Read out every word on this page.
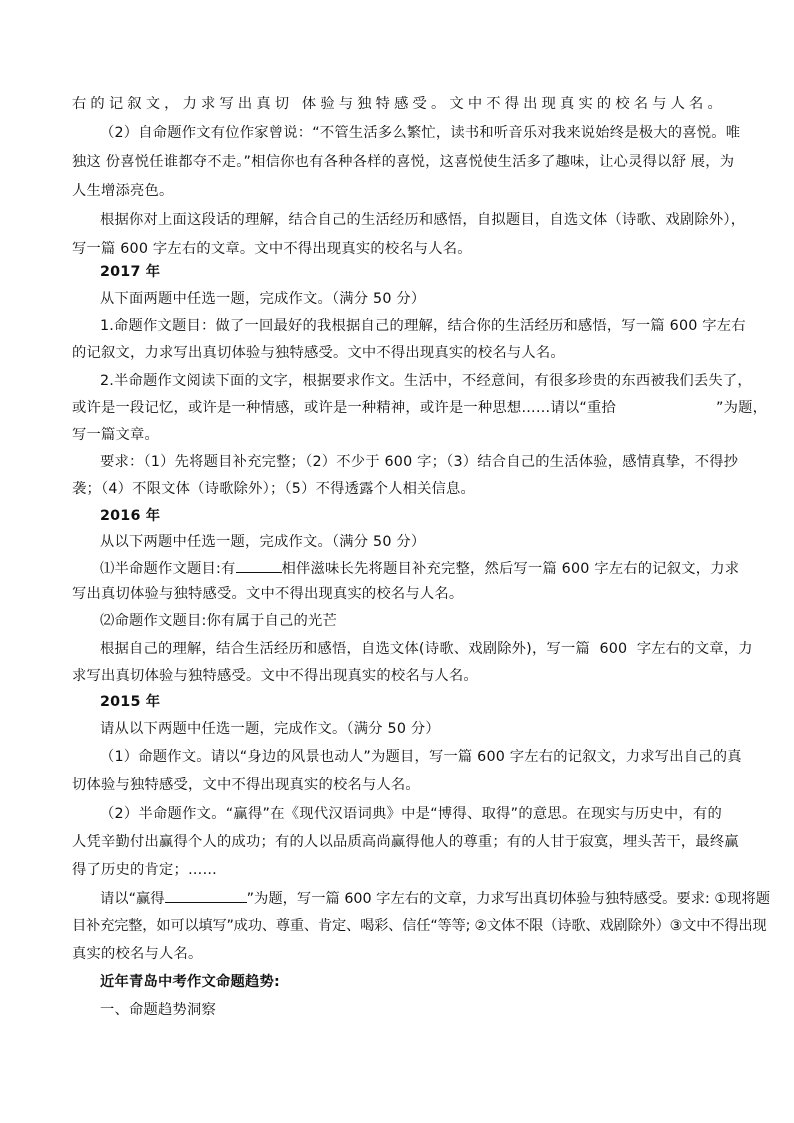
右的记叙文，力求写出真切 体验与独特感受。文中不得出现真实的校名与人名。
（2）自命题作文有位作家曾说：“不管生活多么繁忙，读书和听音乐对我来说始终是极大的喜悦。唯
独这 份喜悦任谁都夺不走。”相信你也有各种各样的喜悦，这喜悦使生活多了趣味，让心灵得以舒 展，为
人生增添亮色。
根据你对上面这段话的理解，结合自己的生活经历和感悟，自拟题目，自选文体（诗歌、戏剧除外），
写一篇 600 字左右的文章。文中不得出现真实的校名与人名。
2017 年
从下面两题中任选一题，完成作文。（满分 50 分）
1.命题作文题目：做了一回最好的我根据自己的理解，结合你的生活经历和感悟，写一篇 600 字左右
的记叙文，力求写出真切体验与独特感受。文中不得出现真实的校名与人名。
2.半命题作文阅读下面的文字，根据要求作文。生活中，不经意间，有很多珍贵的东西被我们丢失了，
或许是一段记忆，或许是一种情感，或许是一种精神，或许是一种思想……请以“重拾	”为题，
写一篇文章。
要求：（1）先将题目补充完整；（2）不少于 600 字；（3）结合自己的生活体验，感情真挚，不得抄
袭；（4）不限文体（诗歌除外）；（5）不得透露个人相关信息。
2016 年
从以下两题中任选一题，完成作文。（满分 50 分）
⑴半命题作文题目:有	相伴滋味长先将题目补充完整，然后写一篇 600 字左右的记叙文，力求
写出真切体验与独特感受。文中不得出现真实的校名与人名。
⑵命题作文题目:你有属于自己的光芒
根据自己的理解，结合生活经历和感悟，自选文体(诗歌、戏剧除外)，写一篇  600  字左右的文章，力
求写出真切体验与独特感受。文中不得出现真实的校名与人名。
2015 年
请从以下两题中任选一题，完成作文。（满分 50 分）
（1）命题作文。请以“身边的风景也动人”为题目，写一篇 600 字左右的记叙文，力求写出自己的真
切体验与独特感受，文中不得出现真实的校名与人名。
（2）半命题作文。“赢得”在《现代汉语词典》中是“博得、取得”的意思。在现实与历史中，有的
人凭辛勤付出赢得个人的成功；有的人以品质高尚赢得他人的尊重；有的人甘于寂寞，埋头苦干，最终赢
得了历史的肯定；……
请以“赢得	”为题，写一篇 600 字左右的文章，力求写出真切体验与独特感受。要求: ①现将题
目补充完整，如可以填写”成功、尊重、肯定、喝彩、信任“等等; ②文体不限（诗歌、戏剧除外）③文中不得出现
真实的校名与人名。
近年青岛中考作文命题趋势:
一、命题趋势洞察
